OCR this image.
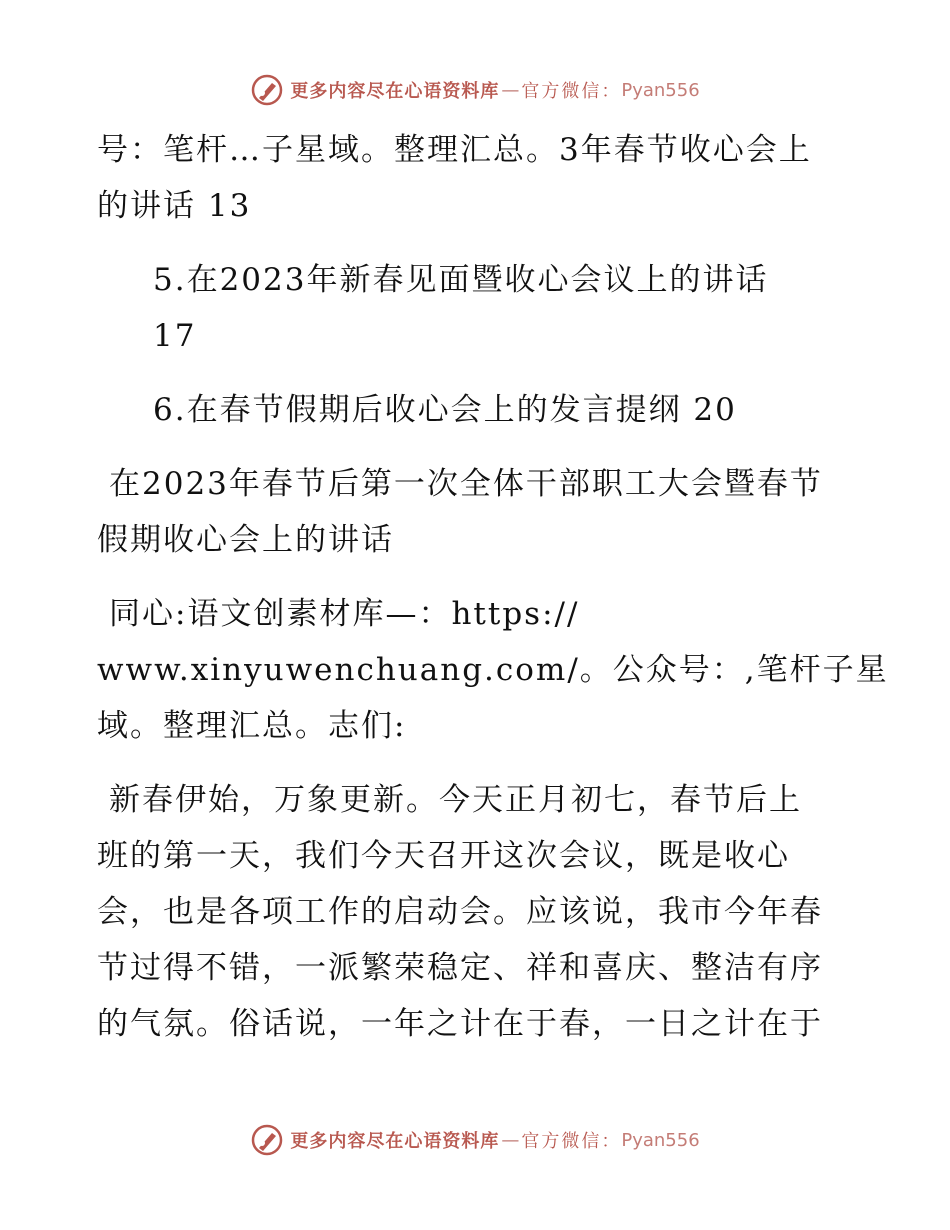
更多内容尽在心语资料库 — 官方微信： Pyan556
号：笔杆…子星域。整理汇总。3年春节收心会上
的讲话 13
5.在2023年新春见面暨收心会议上的讲话
17
6.在春节假期后收心会上的发言提纲 20
在2023年春节后第一次全体干部职工大会暨春节
假期收心会上的讲话
同心:语文创素材库—：https://
www.xinyuwenchuang.com/。公众号：,笔杆子星
域。整理汇总。志们:
新春伊始，万象更新。今天正月初七，春节后上
班的第一天，我们今天召开这次会议，既是收心
会，也是各项工作的启动会。应该说，我市今年春
节过得不错，一派繁荣稳定、祥和喜庆、整洁有序
的气氛。俗话说，一年之计在于春，一日之计在于
更多内容尽在心语资料库 — 官方微信： Pyan556
